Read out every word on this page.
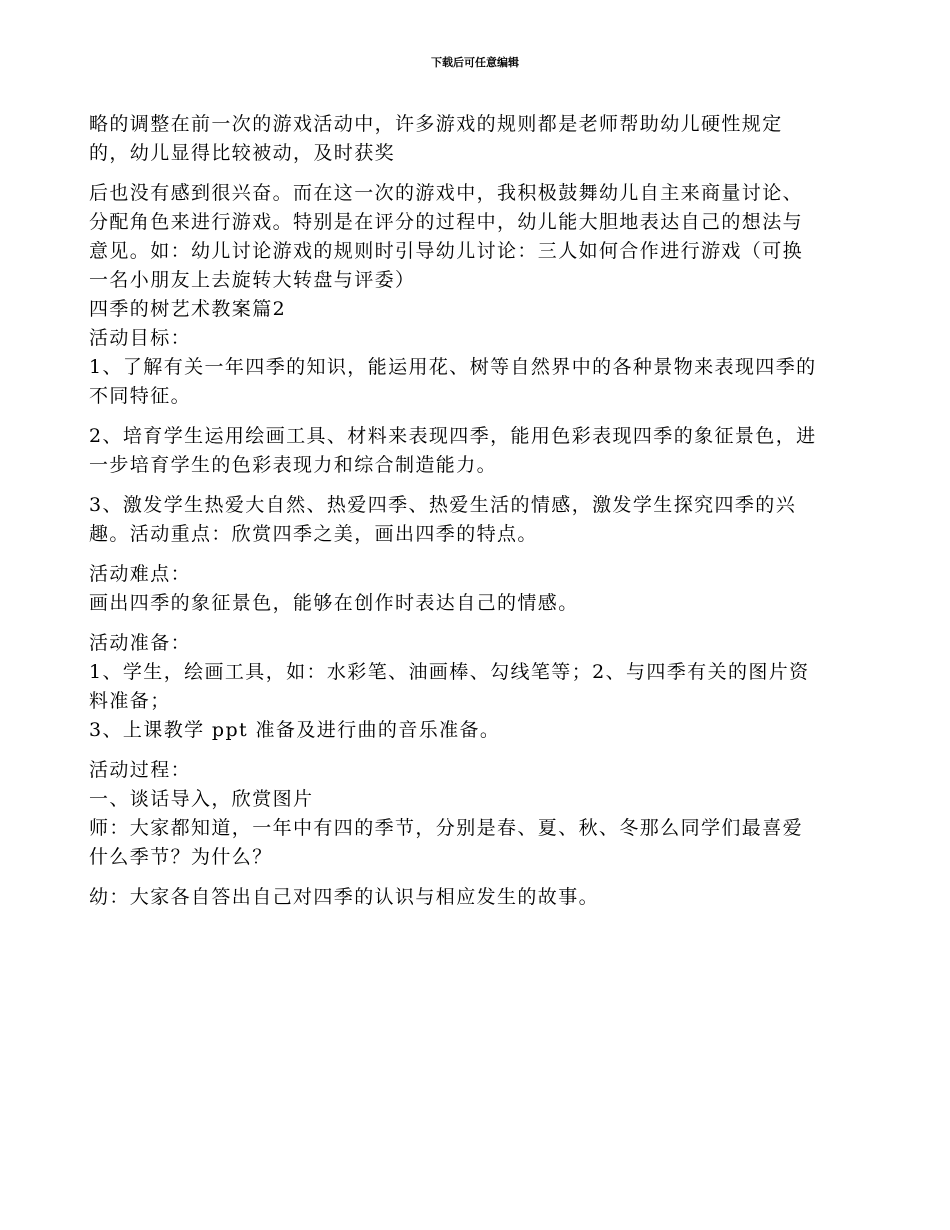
下载后可任意编辑

略的调整在前一次的游戏活动中，许多游戏的规则都是老师帮助幼儿硬性规定
的，幼儿显得比较被动，及时获奖

后也没有感到很兴奋。而在这一次的游戏中，我积极鼓舞幼儿自主来商量讨论、
分配角色来进行游戏。特别是在评分的过程中，幼儿能大胆地表达自己的想法与
意见。如：幼儿讨论游戏的规则时引导幼儿讨论：三人如何合作进行游戏（可换
一名小朋友上去旋转大转盘与评委）

四季的树艺术教案篇2

活动目标：

1、了解有关一年四季的知识，能运用花、树等自然界中的各种景物来表现四季的
不同特征。

2、培育学生运用绘画工具、材料来表现四季，能用色彩表现四季的象征景色，进
一步培育学生的色彩表现力和综合制造能力。

3、激发学生热爱大自然、热爱四季、热爱生活的情感，激发学生探究四季的兴
趣。活动重点：欣赏四季之美，画出四季的特点。

活动难点：

画出四季的象征景色，能够在创作时表达自己的情感。

活动准备：

1、学生，绘画工具，如：水彩笔、油画棒、勾线笔等；2、与四季有关的图片资
料准备；

3、上课教学 ppt 准备及进行曲的音乐准备。

活动过程：

一、谈话导入，欣赏图片

师：大家都知道，一年中有四的季节，分别是春、夏、秋、冬那么同学们最喜爱
什么季节？为什么？

幼：大家各自答出自己对四季的认识与相应发生的故事。
